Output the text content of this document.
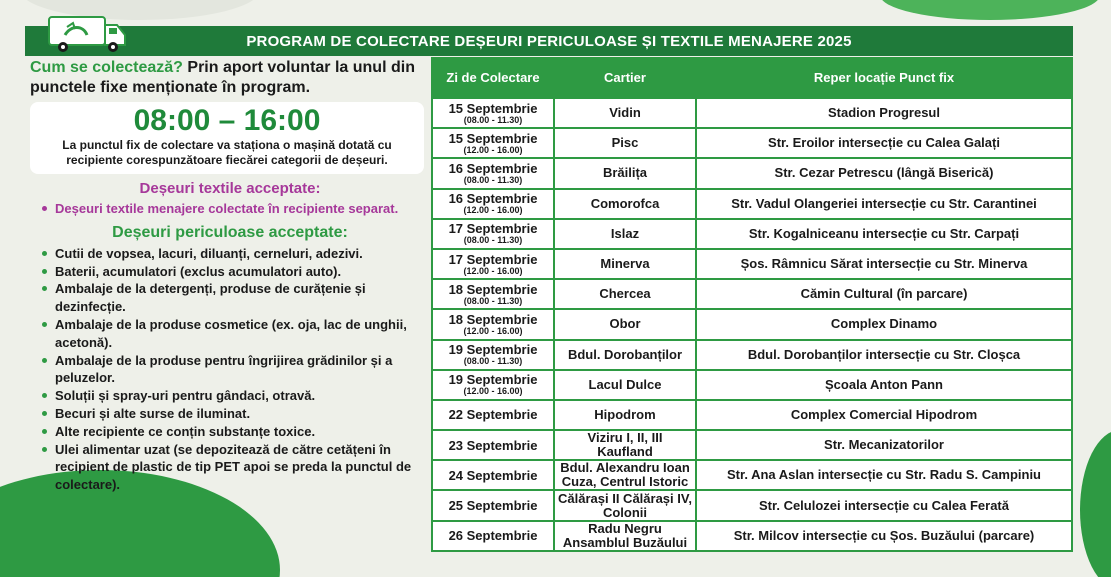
PROGRAM DE COLECTARE DEȘEURI PERICULOASE ȘI TEXTILE MENAJERE 2025
Cum se colectează? Prin aport voluntar la unul din punctele fixe menționate în program.
08:00 – 16:00
La punctul fix de colectare va staționa o mașină dotată cu recipiente corespunzătoare fiecărei categorii de deșeuri.
Deșeuri textile acceptate:
Deșeuri textile menajere colectate în recipiente separat.
Deșeuri periculoase acceptate:
Cutii de vopsea, lacuri, diluanți, cerneluri, adezivi.
Baterii, acumulatori (exclus acumulatori auto).
Ambalaje de la detergenți, produse de curățenie și dezinfecție.
Ambalaje de la produse cosmetice (ex. oja, lac de unghii, acetonă).
Ambalaje de la produse pentru îngrijirea grădinilor și a peluzelor.
Soluții și spray-uri pentru gândaci, otravă.
Becuri și alte surse de iluminat.
Alte recipiente ce conțin substanțe toxice.
Ulei alimentar uzat (se depozitează de către cetățeni în recipient de plastic de tip PET apoi se preda la punctul de colectare).
Zi de Colectare	Cartier	Reper locație Punct fix

15 Septembrie
(08.00 - 11.30)	Vidin	Stadion Progresul

15 Septembrie
(12.00 - 16.00)	Pisc	Str. Eroilor intersecție cu Calea Galați

16 Septembrie
(08.00 - 11.30)	Brăilița	Str. Cezar Petrescu (lângă Biserică)

16 Septembrie
(12.00 - 16.00)	Comorofca	Str. Vadul Olangeriei intersecție cu Str. Carantinei

17 Septembrie
(08.00 - 11.30)	Islaz	Str. Kogalniceanu intersecție cu Str. Carpați

17 Septembrie
(12.00 - 16.00)	Minerva	Șos. Râmnicu Sărat intersecție cu Str. Minerva

18 Septembrie
(08.00 - 11.30)	Chercea	Cămin Cultural (în parcare)

18 Septembrie
(12.00 - 16.00)	Obor	Complex Dinamo

19 Septembrie
(08.00 - 11.30)	Bdul. Dorobanților	Bdul. Dorobanților intersecție cu Str. Cloșca

19 Septembrie
(12.00 - 16.00)	Lacul Dulce	Școala Anton Pann

22 Septembrie	Hipodrom	Complex Comercial Hipodrom

23 Septembrie	Viziru I, II, III Kaufland	Str. Mecanizatorilor

24 Septembrie	Bdul. Alexandru Ioan Cuza, Centrul Istoric	Str. Ana Aslan intersecție cu Str. Radu S. Campiniu

25 Septembrie	Călărași II Călărași IV, Colonii	Str. Celulozei intersecție cu Calea Ferată

26 Septembrie	Radu Negru Ansamblul Buzăului	Str. Milcov intersecție cu Șos. Buzăului (parcare)
